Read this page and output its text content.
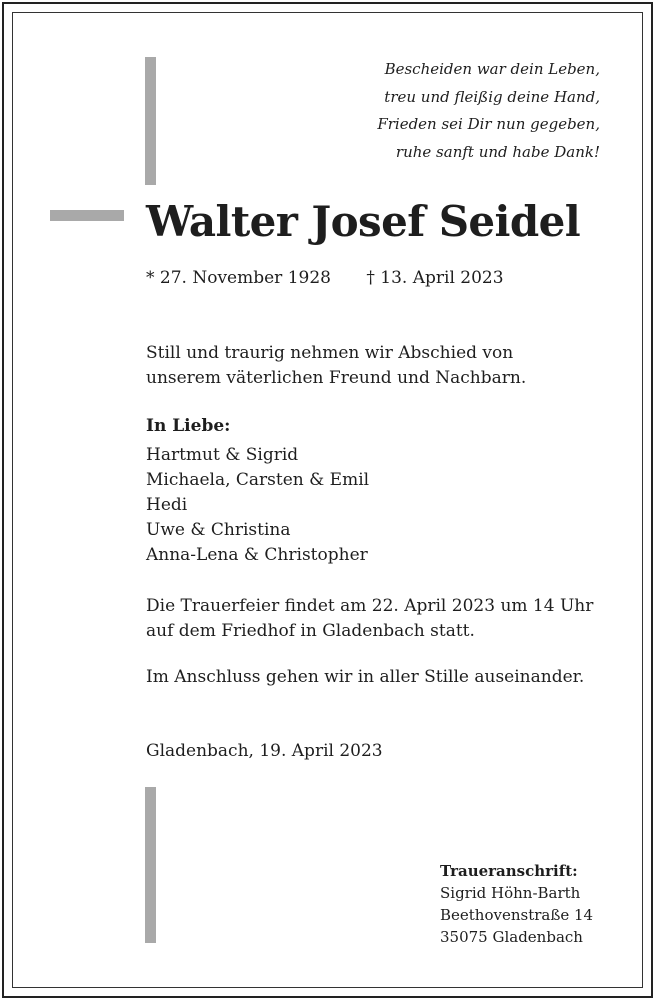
Bescheiden war dein Leben,
treu und fleißig deine Hand,
Frieden sei Dir nun gegeben,
ruhe sanft und habe Dank!
Walter Josef Seidel
* 27. November 1928 † 13. April 2023
Still und traurig nehmen wir Abschied von
unserem väterlichen Freund und Nachbarn.
In Liebe:
Hartmut & Sigrid
Michaela, Carsten & Emil
Hedi
Uwe & Christina
Anna-Lena & Christopher
Die Trauerfeier findet am 22. April 2023 um 14 Uhr
auf dem Friedhof in Gladenbach statt.
Im Anschluss gehen wir in aller Stille auseinander.
Gladenbach, 19. April 2023
Traueranschrift:
Sigrid Höhn-Barth
Beethovenstraße 14
35075 Gladenbach
